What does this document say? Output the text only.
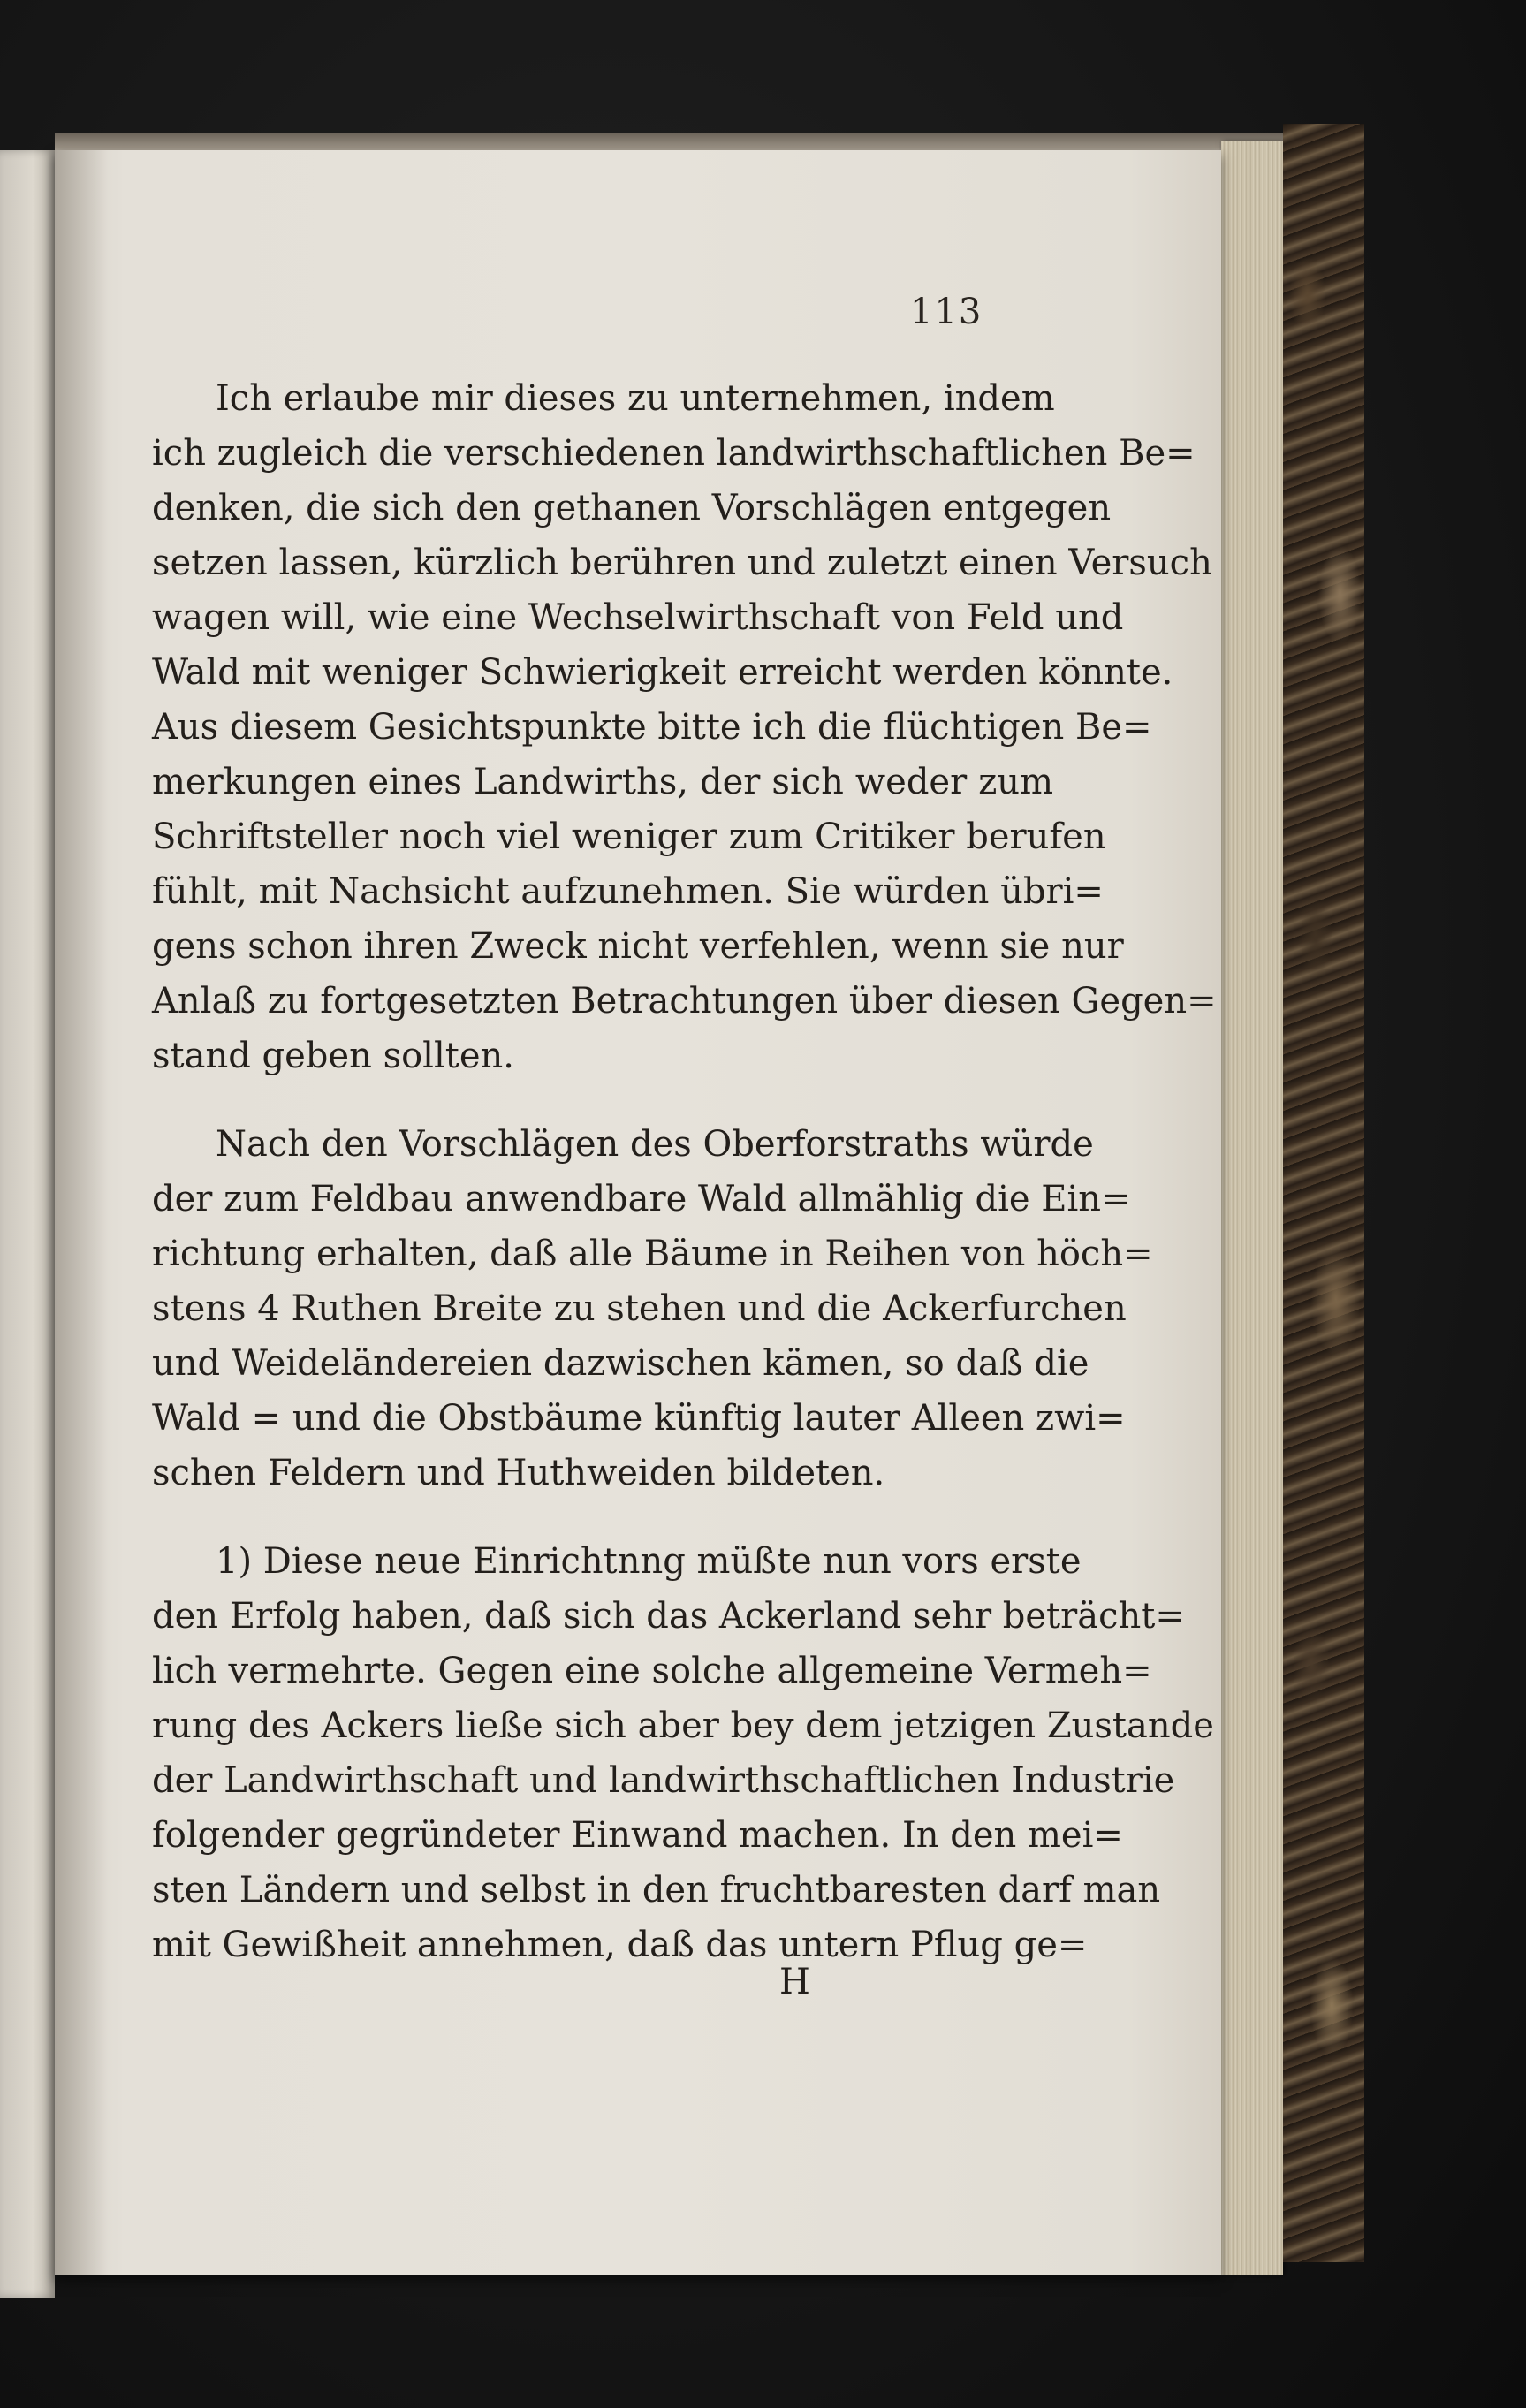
113
Ich erlaube mir dieses zu unternehmen, indem
ich zugleich die verschiedenen landwirthschaftlichen Be=
denken, die sich den gethanen Vorschlägen entgegen
setzen lassen, kürzlich berühren und zuletzt einen Versuch
wagen will, wie eine Wechselwirthschaft von Feld und
Wald mit weniger Schwierigkeit erreicht werden könnte.
Aus diesem Gesichtspunkte bitte ich die flüchtigen Be=
merkungen eines Landwirths, der sich weder zum
Schriftsteller noch viel weniger zum Critiker berufen
fühlt, mit Nachsicht aufzunehmen. Sie würden übri=
gens schon ihren Zweck nicht verfehlen, wenn sie nur
Anlaß zu fortgesetzten Betrachtungen über diesen Gegen=
stand geben sollten.
Nach den Vorschlägen des Oberforstraths würde
der zum Feldbau anwendbare Wald allmählig die Ein=
richtung erhalten, daß alle Bäume in Reihen von höch=
stens 4 Ruthen Breite zu stehen und die Ackerfurchen
und Weideländereien dazwischen kämen, so daß die
Wald = und die Obstbäume künftig lauter Alleen zwi=
schen Feldern und Huthweiden bildeten.
1) Diese neue Einrichtnng müßte nun vors erste
den Erfolg haben, daß sich das Ackerland sehr beträcht=
lich vermehrte. Gegen eine solche allgemeine Vermeh=
rung des Ackers ließe sich aber bey dem jetzigen Zustande
der Landwirthschaft und landwirthschaftlichen Industrie
folgender gegründeter Einwand machen. In den mei=
sten Ländern und selbst in den fruchtbaresten darf man
mit Gewißheit annehmen, daß das untern Pflug ge=
H
